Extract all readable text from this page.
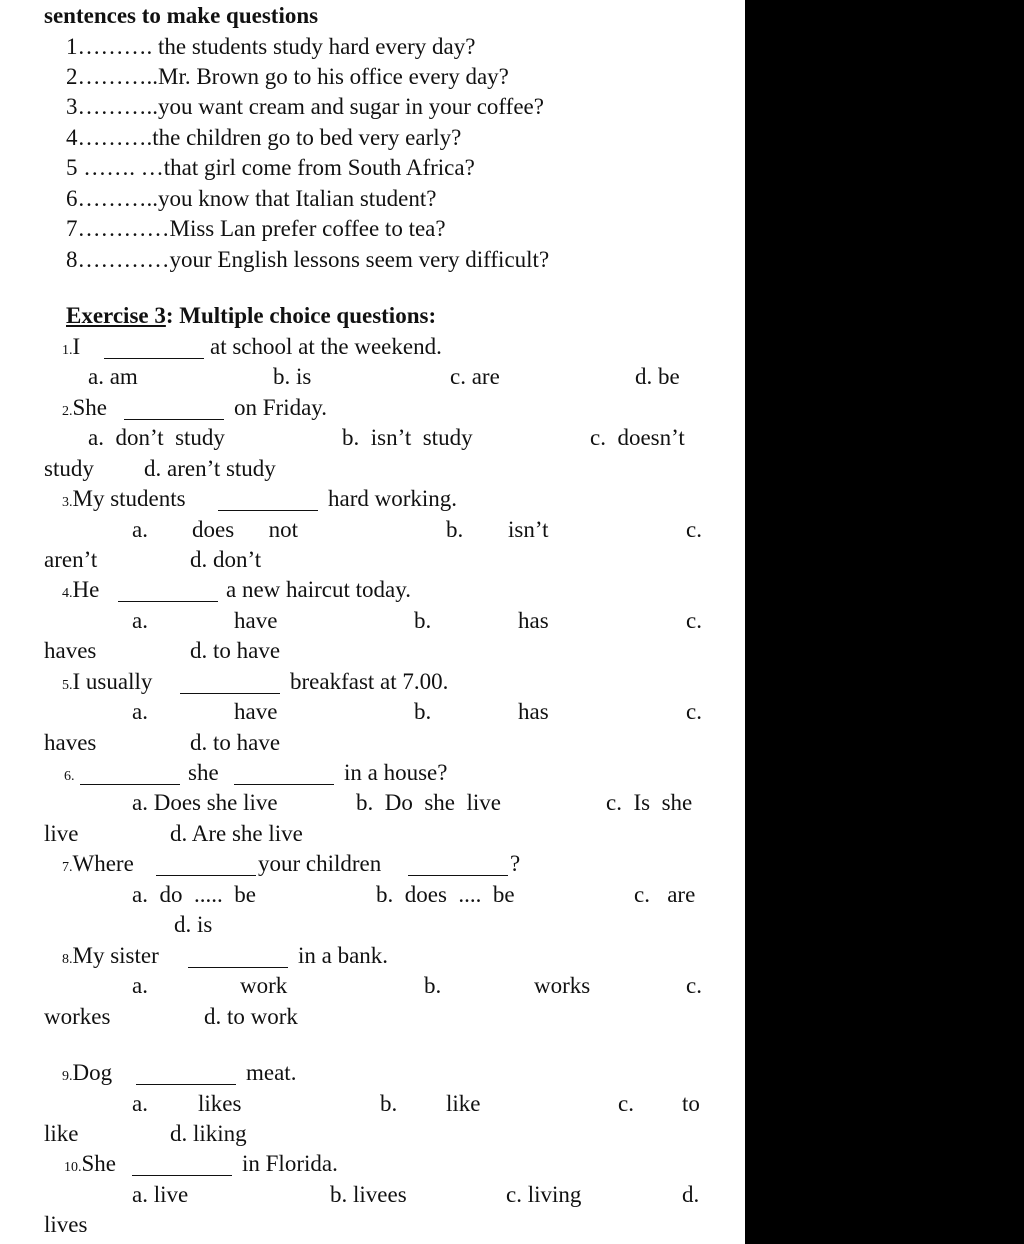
sentences to make questions
1………. the students study hard every day?
2………..Mr. Brown go to his office every day?
3………..you want cream and sugar in your coffee?
4……….the children go to bed very early?
5 ……. …that girl come from South Africa?
6………..you know that Italian student?
7…………Miss Lan prefer coffee to tea?
8…………your English lessons seem very difficult?
Exercise 3: Multiple choice questions:
1.I	at school at the weekend.
a. am	b. is	c. are	d. be
2.She	on Friday.
a.  don’t  study	b.  isn’t  study	c.  doesn’t
study d. aren’t study
3.My students	hard working.
a. does      not	b. isn’t	c.
aren’t	d. don’t
4.He	a new haircut today.
a.	have	b.	has	c.
haves	d. to have
5.I usually	breakfast at 7.00.
a.	have	b.	has	c.
haves	d. to have
6.	she	in a house?
a. Does she live	b.  Do  she  live	c.  Is  she
live	d. Are she live
7.Where	your children	?
a.  do  .....  be	b.  does  ....  be	c.   are
d. is
8.My sister	in a bank.
a.	work	b.	works	c.
workes	d. to work
9.Dog	meat.
a. likes	b. like	c. to
like	d. liking
10.She	in Florida.
a. live	b. livees	c. living	d.
lives
